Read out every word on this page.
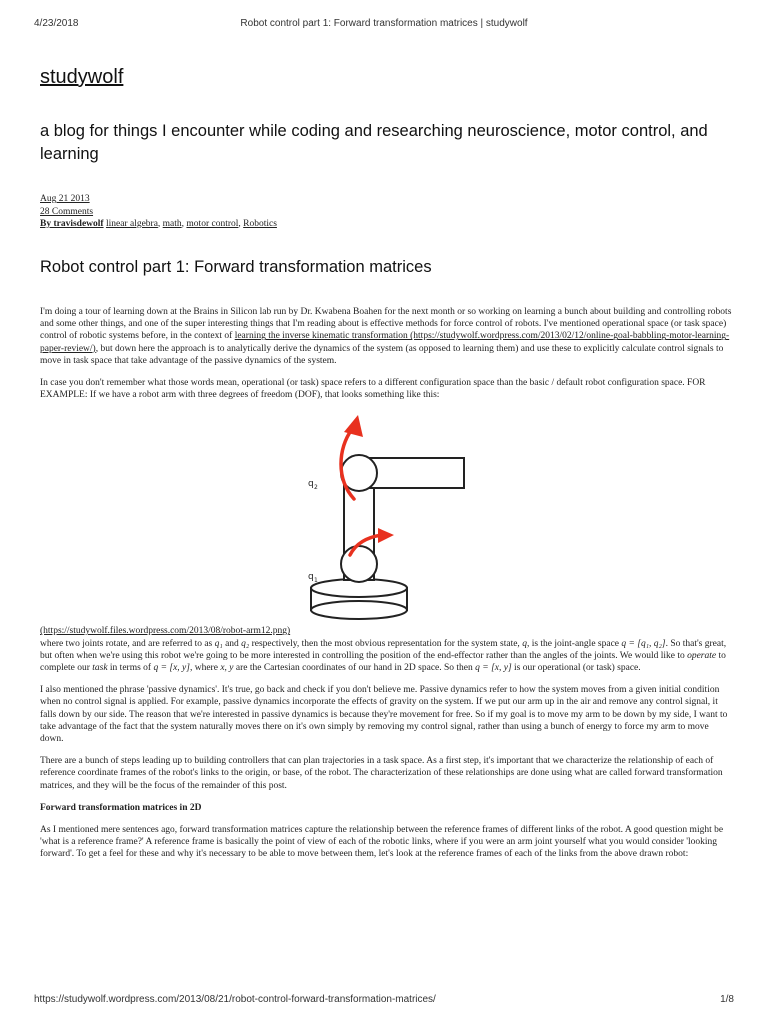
4/23/2018	Robot control part 1: Forward transformation matrices | studywolf
studywolf
a blog for things I encounter while coding and researching neuroscience, motor control, and learning
Aug 21 2013
28 Comments
By travisdewolf linear algebra, math, motor control, Robotics
Robot control part 1: Forward transformation matrices

I'm doing a tour of learning down at the Brains in Silicon lab run by Dr. Kwabena Boahen for the next month or so working on learning a bunch about building and controlling robots and some other things, and one of the super interesting things that I'm reading about is effective methods for force control of robots. I've mentioned operational space (or task space) control of robotic systems before, in the context of learning the inverse kinematic transformation (https://studywolf.wordpress.com/2013/02/12/online-goal-babbling-motor-learning-paper-review/), but down here the approach is to analytically derive the dynamics of the system (as opposed to learning them) and use these to explicitly calculate control signals to move in task space that take advantage of the passive dynamics of the system.

In case you don't remember what those words mean, operational (or task) space refers to a different configuration space than the basic / default robot configuration space. FOR EXAMPLE: If we have a robot arm with three degrees of freedom (DOF), that looks something like this:

q 2
q 1

(https://studywolf.files.wordpress.com/2013/08/robot-arm12.png)

where two joints rotate, and are referred to as q₁ and q₂ respectively, then the most obvious representation for the system state, q, is the joint-angle space q = [q₁, q₂]. So that's great, but often when we're using this robot we're going to be more interested in controlling the position of the end-effector rather than the angles of the joints. We would like to operate to complete our task in terms of q = [x, y], where x, y are the Cartesian coordinates of our hand in 2D space. So then q = [x, y] is our operational (or task) space.

I also mentioned the phrase 'passive dynamics'. It's true, go back and check if you don't believe me. Passive dynamics refer to how the system moves from a given initial condition when no control signal is applied. For example, passive dynamics incorporate the effects of gravity on the system. If we put our arm up in the air and remove any control signal, it falls down by our side. The reason that we're interested in passive dynamics is because they're movement for free. So if my goal is to move my arm to be down by my side, I want to take advantage of the fact that the system naturally moves there on it's own simply by removing my control signal, rather than using a bunch of energy to force my arm to move down.

There are a bunch of steps leading up to building controllers that can plan trajectories in a task space. As a first step, it's important that we characterize the relationship of each of reference coordinate frames of the robot's links to the origin, or base, of the robot. The characterization of these relationships are done using what are called forward transformation matrices, and they will be the focus of the remainder of this post.

Forward transformation matrices in 2D

As I mentioned mere sentences ago, forward transformation matrices capture the relationship between the reference frames of different links of the robot. A good question might be 'what is a reference frame?' A reference frame is basically the point of view of each of the robotic links, where if you were an arm joint yourself what you would consider 'looking forward'. To get a feel for these and why it's necessary to be able to move between them, let's look at the reference frames of each of the links from the above drawn robot:

https://studywolf.wordpress.com/2013/08/21/robot-control-forward-transformation-matrices/	1/8
